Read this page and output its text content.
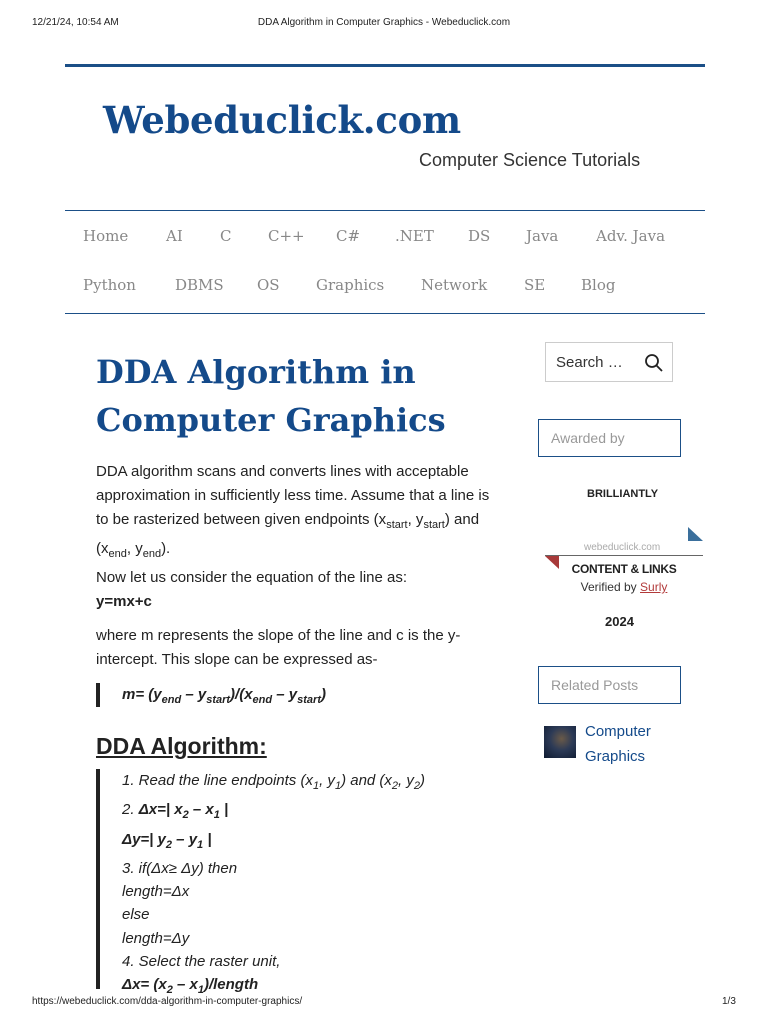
12/21/24, 10:54 AM	DDA Algorithm in Computer Graphics - Webeduclick.com
Webeduclick.com
Computer Science Tutorials
Home	AI C C++ C# .NET DS Java	Adv. Java
Python	DBMS OS Graphics Network SE Blog
DDA Algorithm in Computer Graphics
DDA algorithm scans and converts lines with acceptable approximation in sufficiently less time. Assume that a line is to be rasterized between given endpoints ($x_{start}$, $y_{start}$) and ($x_{end}$, $y_{end}$).
Now let us consider the equation of the line as:
y=mx+c
where m represents the slope of the line and c is the y-intercept. This slope can be expressed as-
$m= (y_{end} - y_{start})/(x_{end} - y_{start})$
DDA Algorithm:
1. Read the line endpoints ($x_1$, $y_1$) and ($x_2$, $y_2$)
2. Δx=| $x_2 - x_1$ |
Δy=| $y_2 - y_1$ |
3. if(Δx≥ Δy) then
length=Δx
else
length=Δy
4. Select the raster unit,
$\Delta x= (x_2$ – $x_1$)/length
Search …
Awarded by
BRILLIANTLY
webeduclick.com
CONTENT & LINKS
Verified by Surly
2024
Related Posts
Computer Graphics
https://webeduclick.com/dda-algorithm-in-computer-graphics/	1/3
